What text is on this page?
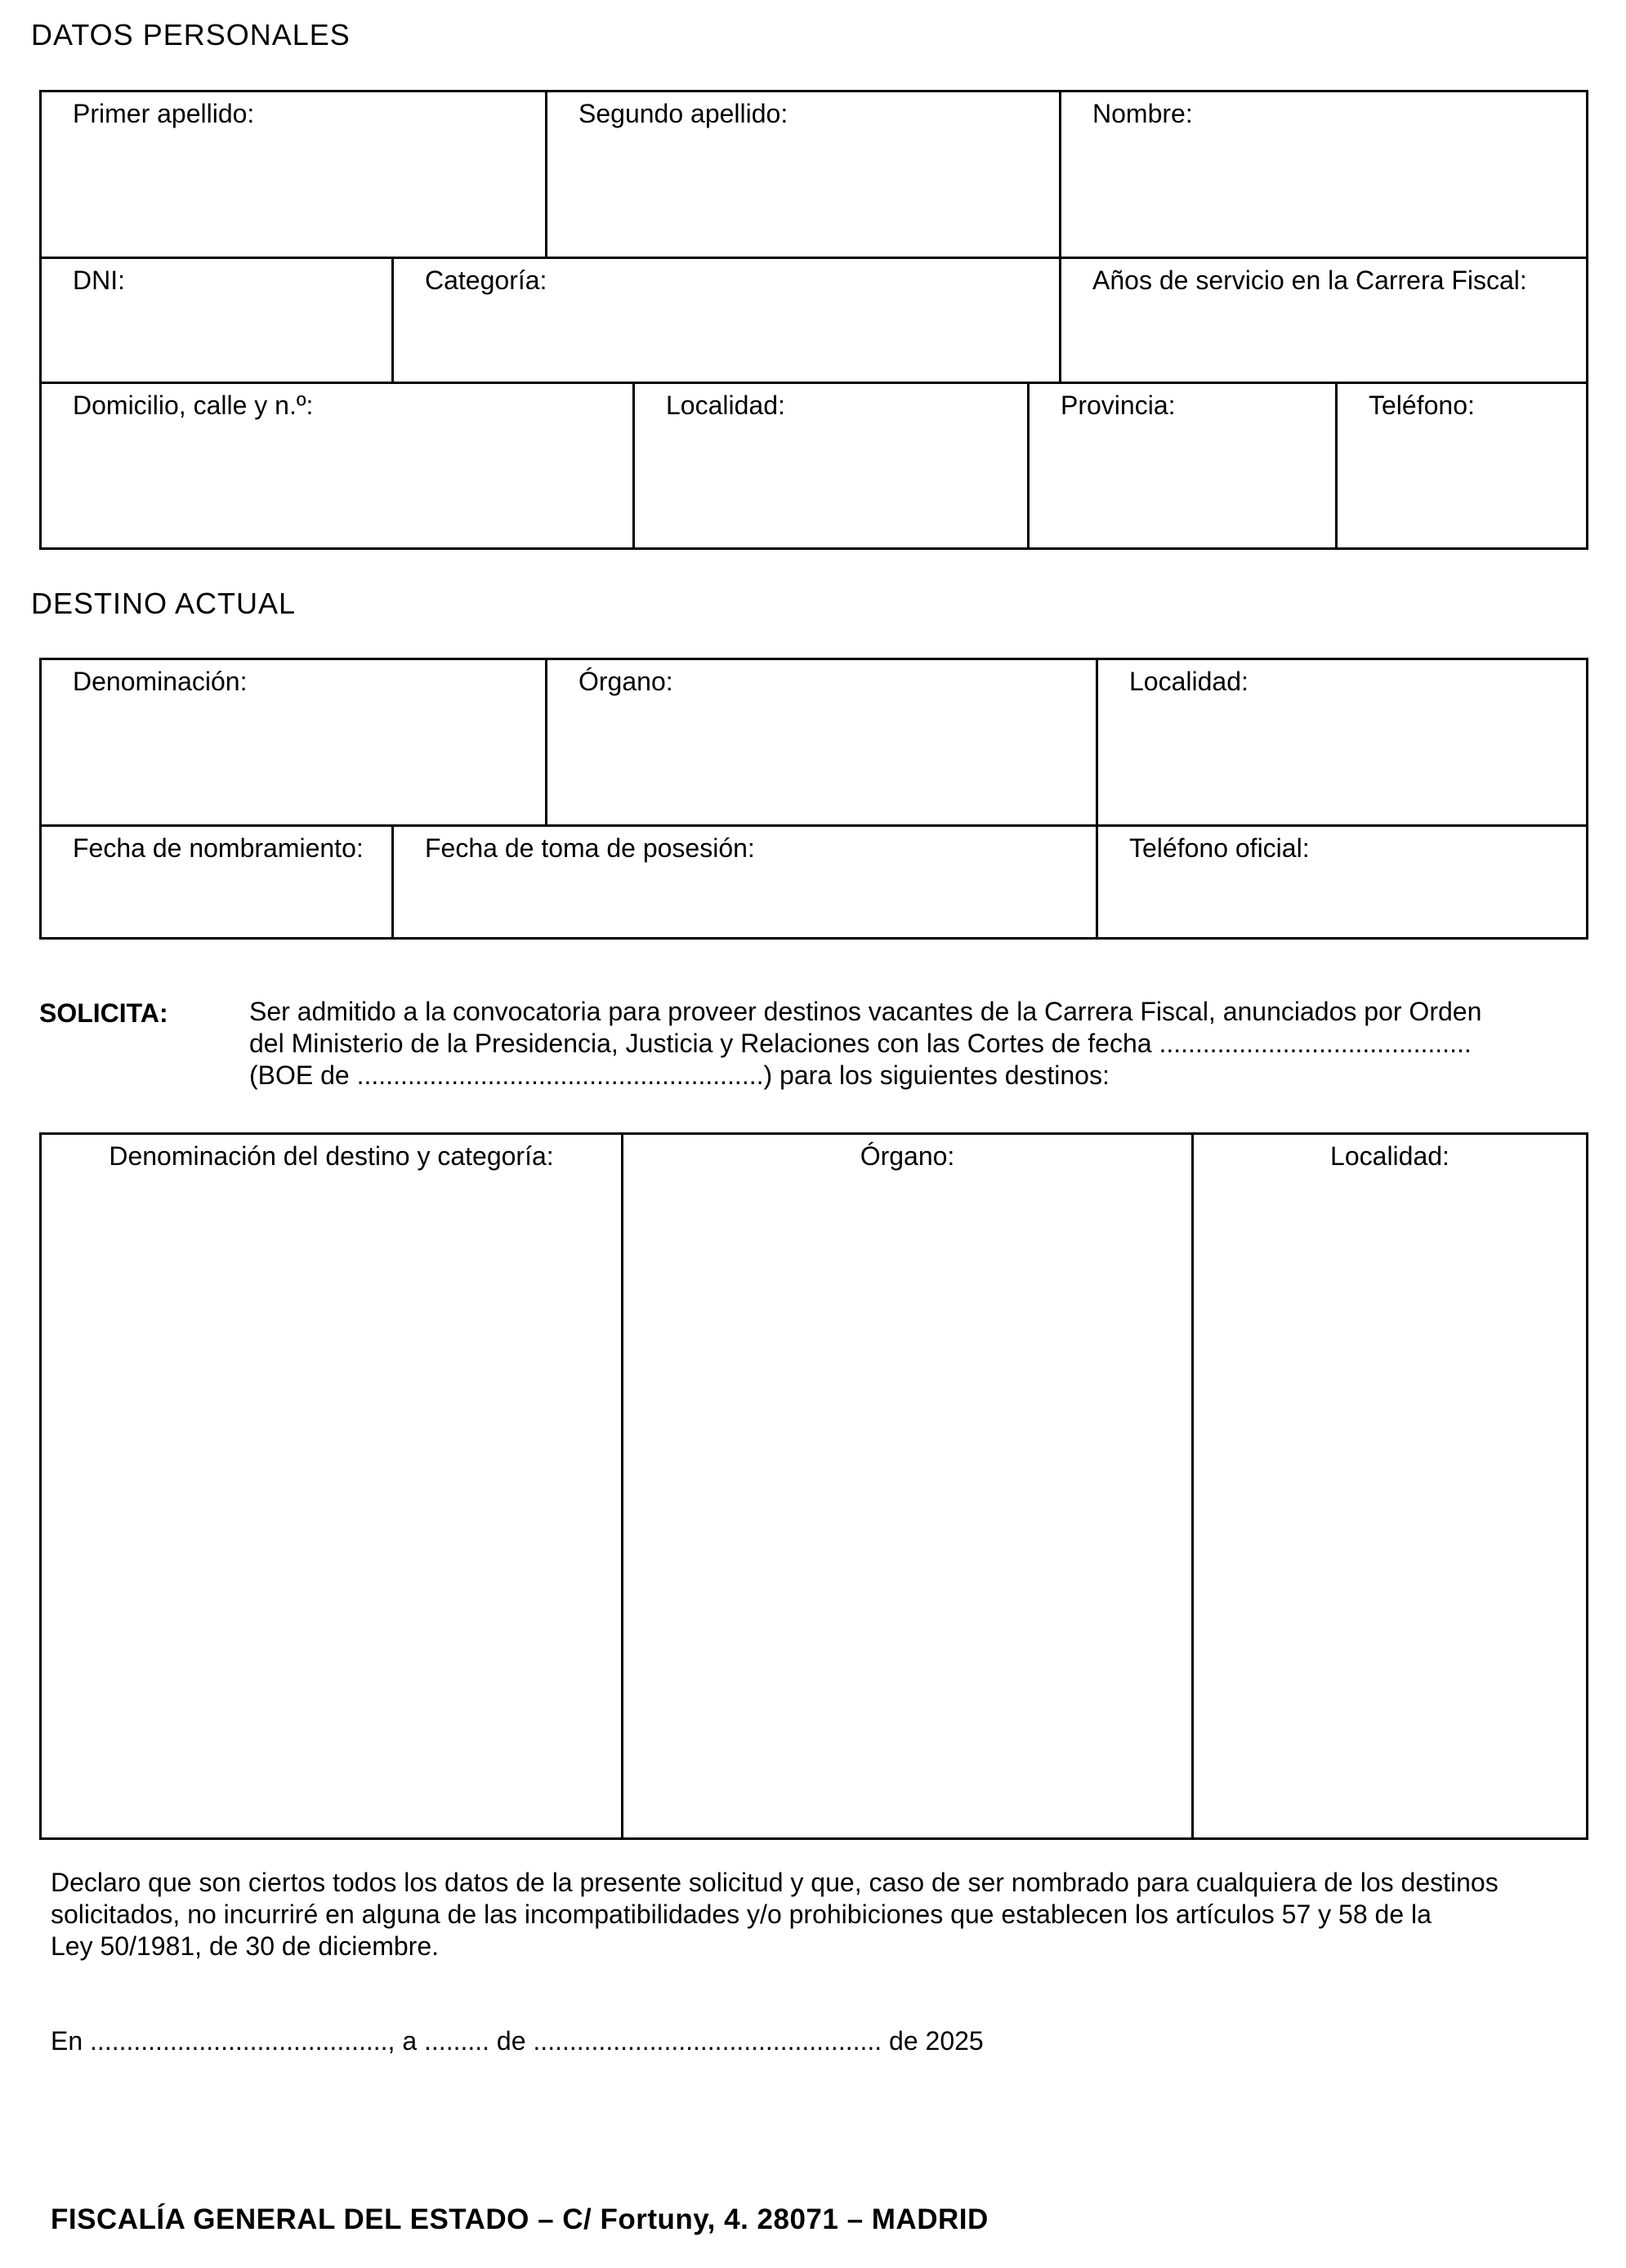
DATOS PERSONALES
Primer apellido:	Segundo apellido:	Nombre:
DNI:	Categoría:	Años de servicio en la Carrera Fiscal:
Domicilio, calle y n.º:	Localidad:	Provincia:	Teléfono:
DESTINO ACTUAL
Denominación:	Órgano:	Localidad:
Fecha de nombramiento:	Fecha de toma de posesión:	Teléfono oficial:
SOLICITA:	Ser admitido a la convocatoria para proveer destinos vacantes de la Carrera Fiscal, anunciados por Orden
del Ministerio de la Presidencia, Justicia y Relaciones con las Cortes de fecha ...........................................
(BOE de ........................................................) para los siguientes destinos:
Denominación del destino y categoría:	Órgano:	Localidad:
Declaro que son ciertos todos los datos de la presente solicitud y que, caso de ser nombrado para cualquiera de los destinos
solicitados, no incurriré en alguna de las incompatibilidades y/o prohibiciones que establecen los artículos 57 y 58 de la
Ley 50/1981, de 30 de diciembre.
En ........................................., a ......... de ................................................ de 2025
FISCALÍA GENERAL DEL ESTADO – C/ Fortuny, 4. 28071 – MADRID
